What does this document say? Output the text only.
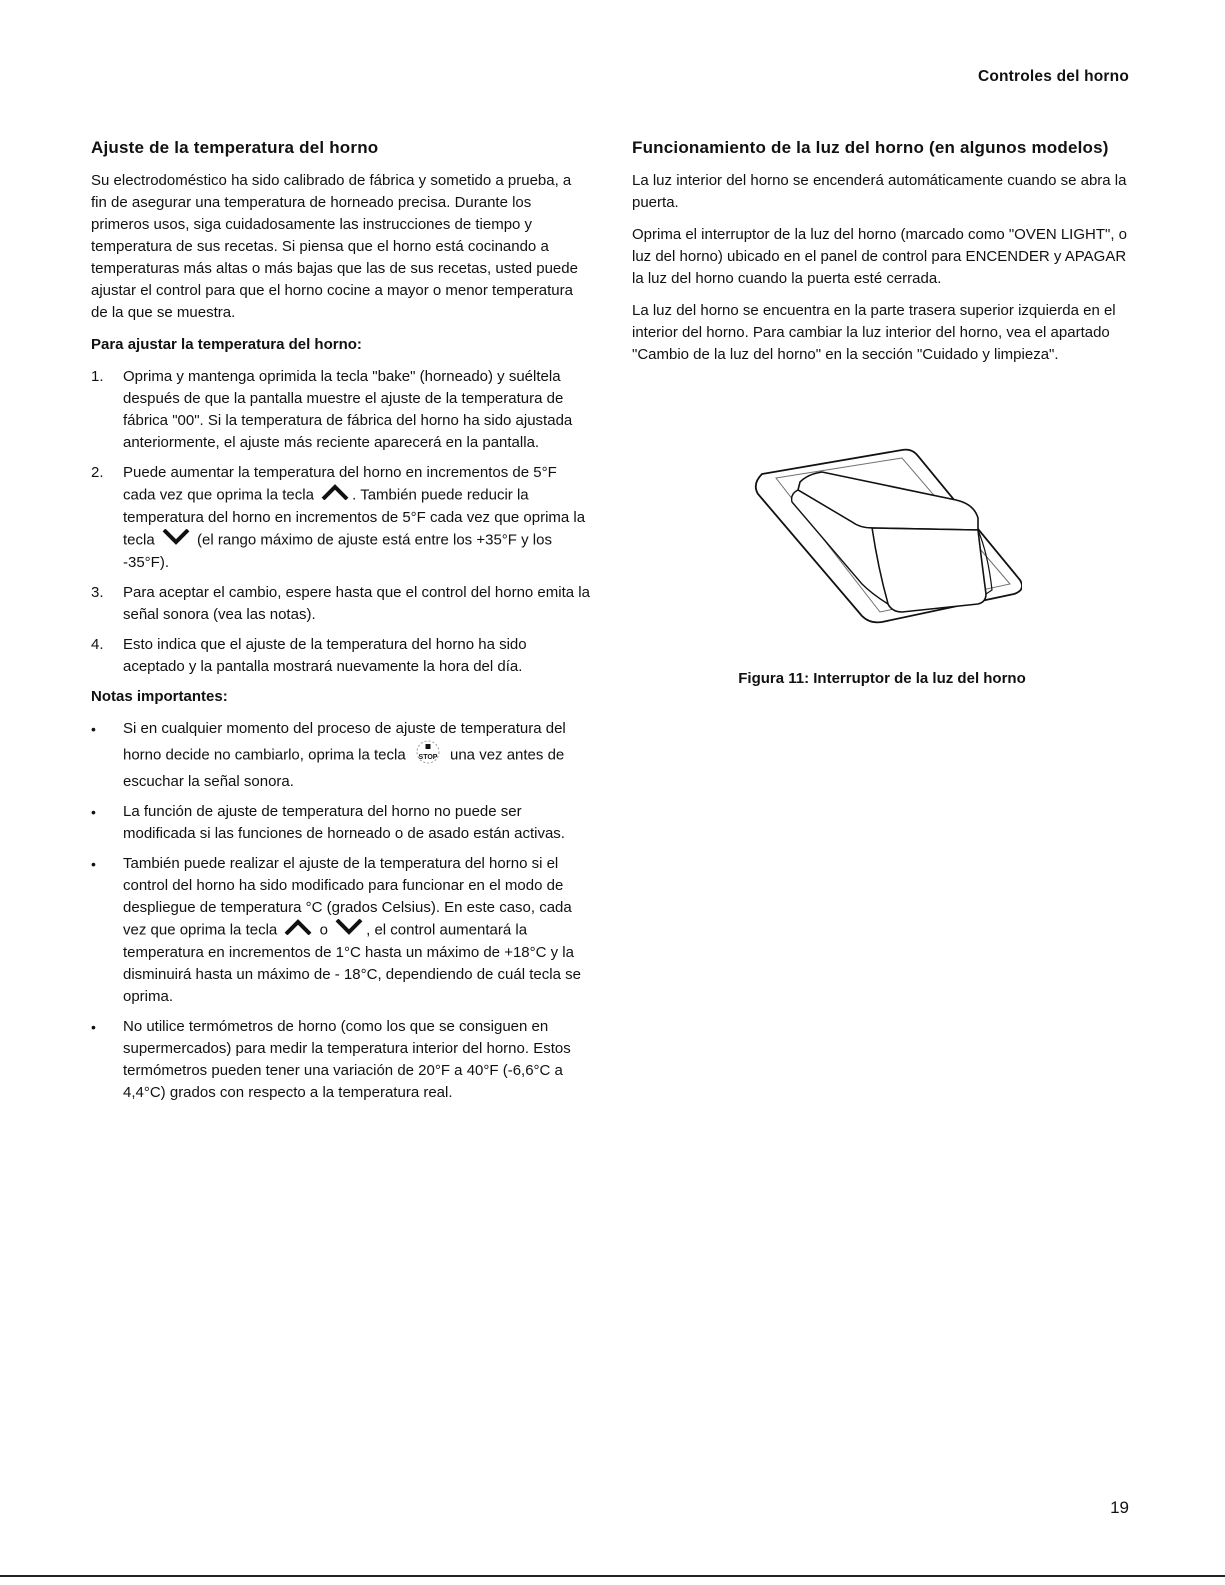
Controles del horno
Ajuste de la temperatura del horno

Su electrodoméstico ha sido calibrado de fábrica y sometido a prueba, a fin de asegurar una temperatura de horneado precisa. Durante los primeros usos, siga cuidadosamente las instrucciones de tiempo y temperatura de sus recetas. Si piensa que el horno está cocinando a temperaturas más altas o más bajas que las de sus recetas, usted puede ajustar el control para que el horno cocine a mayor o menor temperatura de la que se muestra.

Para ajustar la temperatura del horno:
1. Oprima y mantenga oprimida la tecla "bake" (horneado) y suéltela después de que la pantalla muestre el ajuste de la temperatura de fábrica "00". Si la temperatura de fábrica del horno ha sido ajustada anteriormente, el ajuste más reciente aparecerá en la pantalla.
2. Puede aumentar la temperatura del horno en incrementos de 5°F cada vez que oprima la tecla	. También puede reducir la temperatura del horno en incrementos de 5°F cada vez que oprima la tecla	(el rango máximo de ajuste está entre los +35°F y los -35°F).
3. Para aceptar el cambio, espere hasta que el control del horno emita la señal sonora (vea las notas).
4. Esto indica que el ajuste de la temperatura del horno ha sido aceptado y la pantalla mostrará nuevamente la hora del día.
Notas importantes:
• Si en cualquier momento del proceso de ajuste de temperatura del horno decide no cambiarlo, oprima la tecla STOP una vez antes de escuchar la señal sonora.
• La función de ajuste de temperatura del horno no puede ser modificada si las funciones de horneado o de asado están activas.
• También puede realizar el ajuste de la temperatura del horno si el control del horno ha sido modificado para funcionar en el modo de despliegue de temperatura °C (grados Celsius). En este caso, cada vez que oprima la tecla	o	, el control aumentará la temperatura en incrementos de 1°C hasta un máximo de +18°C y la disminuirá hasta un máximo de - 18°C, dependiendo de cuál tecla se oprima.
• No utilice termómetros de horno (como los que se consiguen en supermercados) para medir la temperatura interior del horno. Estos termómetros pueden tener una variación de 20°F a 40°F (-6,6°C a 4,4°C) grados con respecto a la temperatura real.
Funcionamiento de la luz del horno (en algunos modelos)

La luz interior del horno se encenderá automáticamente cuando se abra la puerta.

Oprima el interruptor de la luz del horno (marcado como "OVEN LIGHT", o luz del horno) ubicado en el panel de control para ENCENDER y APAGAR la luz del horno cuando la puerta esté cerrada.

La luz del horno se encuentra en la parte trasera superior izquierda en el interior del horno. Para cambiar la luz interior del horno, vea el apartado "Cambio de la luz del horno" en la sección "Cuidado y limpieza".

Figura 11: Interruptor de la luz del horno
19
